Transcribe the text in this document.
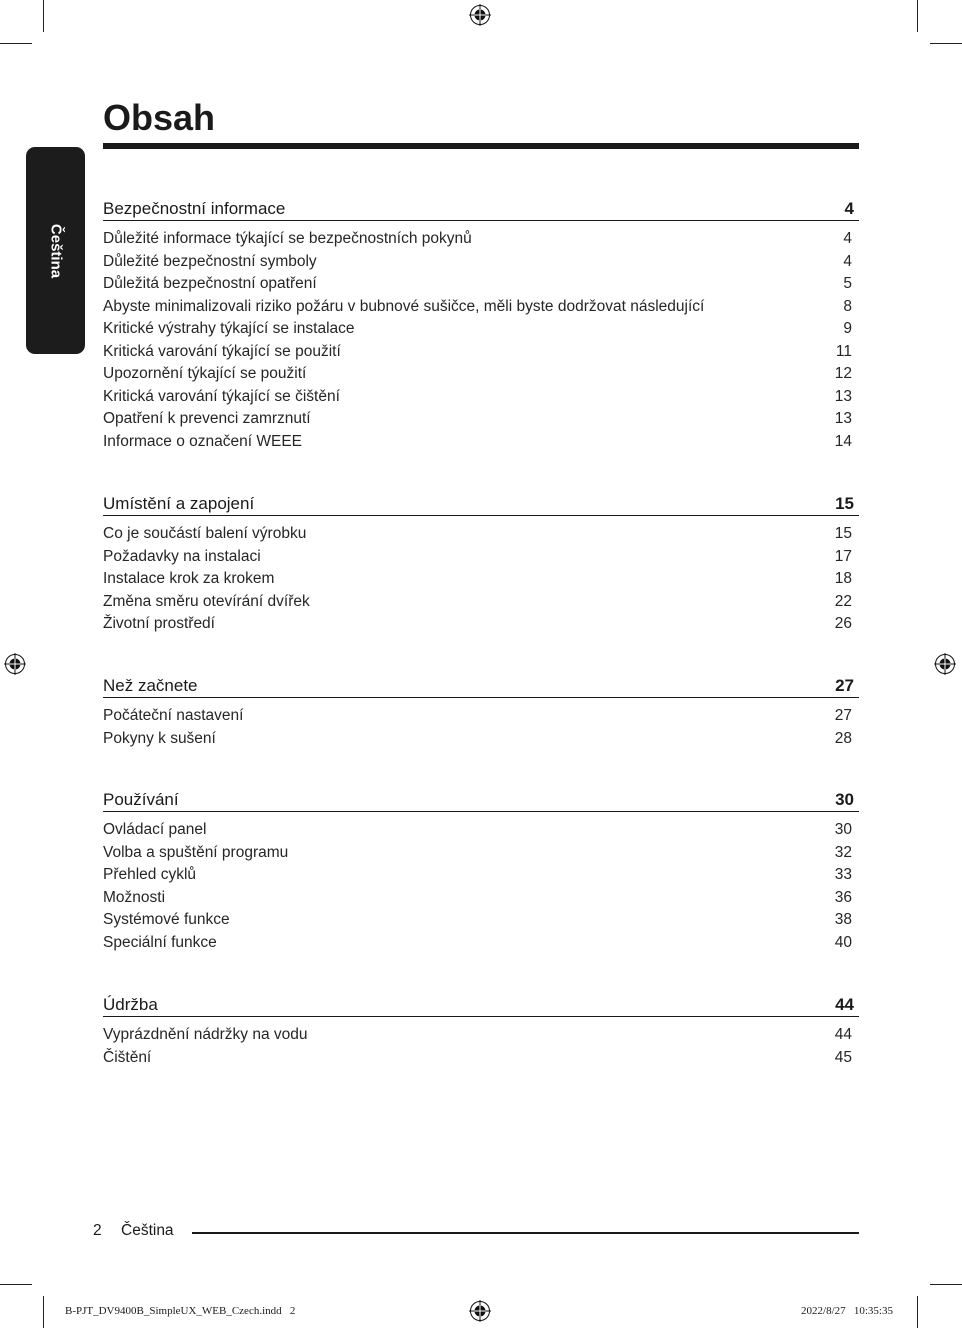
Čeština
Obsah
Bezpečnostní informace	4
Důležité informace týkající se bezpečnostních pokynů	4
Důležité bezpečnostní symboly	4
Důležitá bezpečnostní opatření	5
Abyste minimalizovali riziko požáru v bubnové sušičce, měli byste dodržovat následující	8
Kritické výstrahy týkající se instalace	9
Kritická varování týkající se použití	11
Upozornění týkající se použití	12
Kritická varování týkající se čištění	13
Opatření k prevenci zamrznutí	13
Informace o označení WEEE	14
Umístění a zapojení	15
Co je součástí balení výrobku	15
Požadavky na instalaci	17
Instalace krok za krokem	18
Změna směru otevírání dvířek	22
Životní prostředí	26
Než začnete	27
Počáteční nastavení	27
Pokyny k sušení	28
Používání	30
Ovládací panel	30
Volba a spuštění programu	32
Přehled cyklů	33
Možnosti	36
Systémové funkce	38
Speciální funkce	40
Údržba	44
Vyprázdnění nádržky na vodu	44
Čištění	45
2 Čeština
B-PJT_DV9400B_SimpleUX_WEB_Czech.indd   2	2022/8/27   10:35:35
